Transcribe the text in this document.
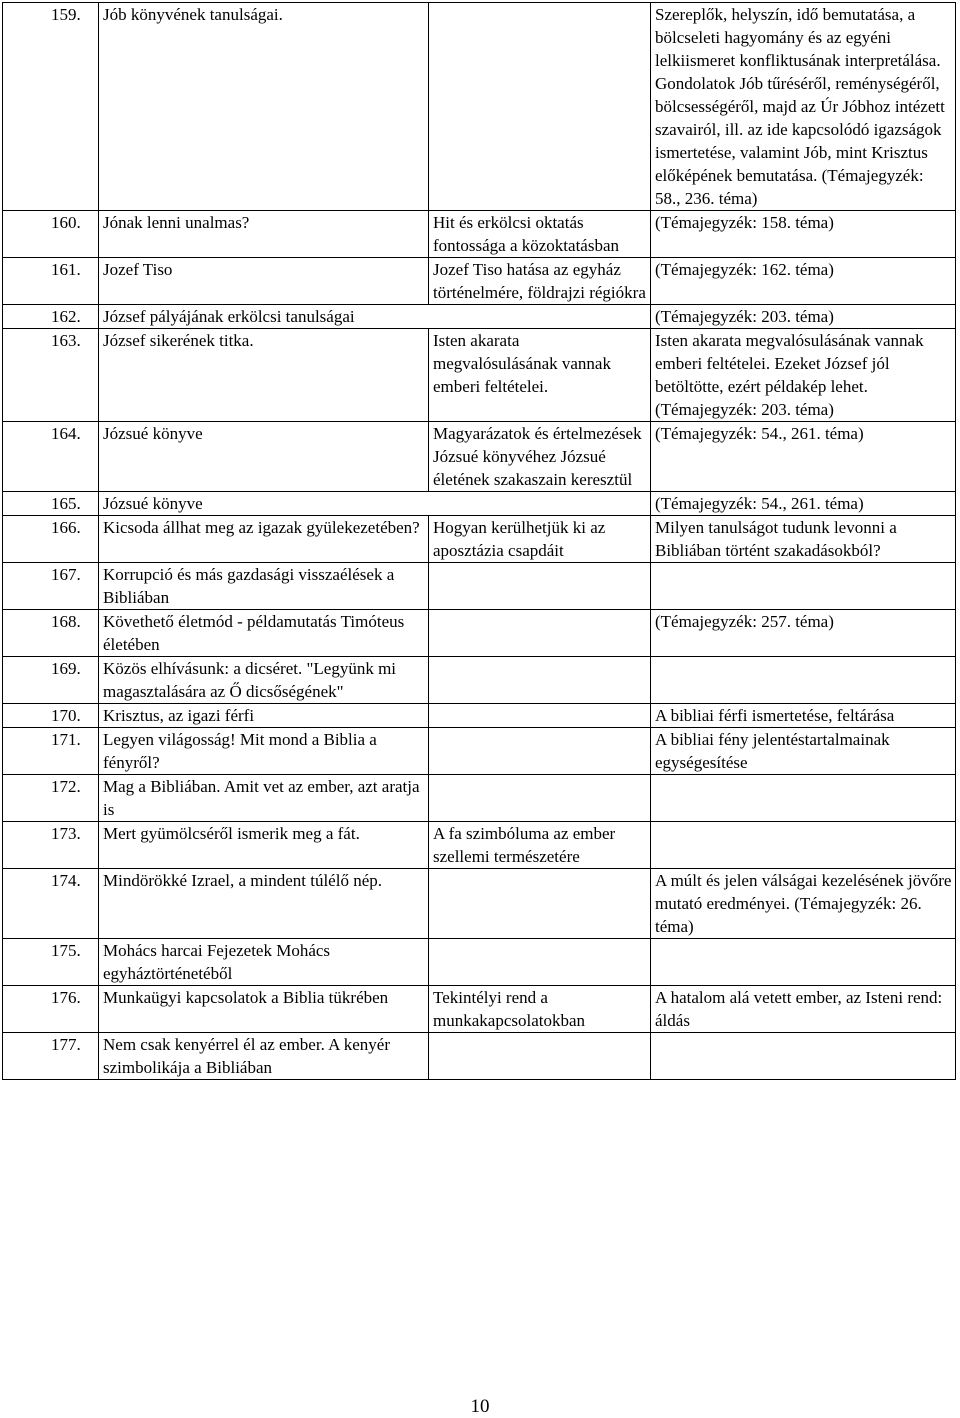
159.	Jób könyvének tanulságai.		Szereplők, helyszín, idő bemutatása, a bölcseleti hagyomány és az egyéni lelkiismeret konfliktusának interpretálása. Gondolatok Jób tűréséről, reménységéről, bölcsességéről, majd az Úr Jóbhoz intézett szavairól, ill. az ide kapcsolódó igazságok ismertetése, valamint Jób, mint Krisztus előképének bemutatása. (Témajegyzék: 58., 236. téma)
160.	Jónak lenni unalmas?	Hit és erkölcsi oktatás fontossága a közoktatásban	(Témajegyzék: 158. téma)
161.	Jozef Tiso	Jozef Tiso hatása az egyház történelmére, földrajzi régiókra	(Témajegyzék: 162. téma)
162.	József pályájának erkölcsi tanulságai		(Témajegyzék: 203. téma)
163.	József sikerének titka.	Isten akarata megvalósulásának vannak emberi feltételei.	Isten akarata megvalósulásának vannak emberi feltételei. Ezeket József jól betöltötte, ezért példakép lehet. (Témajegyzék: 203. téma)
164.	Józsué könyve	Magyarázatok és értelmezések Józsué könyvéhez Józsué életének szakaszain keresztül	(Témajegyzék: 54., 261. téma)
165.	Józsué könyve		(Témajegyzék: 54., 261. téma)
166.	Kicsoda állhat meg az igazak gyülekezetében?	Hogyan kerülhetjük ki az aposztázia csapdáit	Milyen tanulságot tudunk levonni a Bibliában történt szakadásokból?
167.	Korrupció és más gazdasági visszaélések a Bibliában		
168.	Követhető életmód - példamutatás Timóteus életében		(Témajegyzék: 257. téma)
169.	Közös elhívásunk: a dicséret. "Legyünk mi magasztalására az Ő dicsőségének"		
170.	Krisztus, az igazi férfi		A bibliai férfi ismertetése, feltárása
171.	Legyen világosság! Mit mond a Biblia a fényről?		A bibliai fény jelentéstartalmainak egységesítése
172.	Mag a Bibliában. Amit vet az ember, azt aratja is		
173.	Mert gyümölcséről ismerik meg a fát.	A fa szimbóluma az ember szellemi természetére	
174.	Mindörökké Izrael, a mindent túlélő nép.		A múlt és jelen válságai kezelésének jövőre mutató eredményei. (Témajegyzék: 26. téma)
175.	Mohács harcai Fejezetek Mohács egyháztörténetéből		
176.	Munkaügyi kapcsolatok a Biblia tükrében	Tekintélyi rend a munkakapcsolatokban	A hatalom alá vetett ember, az Isteni rend: áldás
177.	Nem csak kenyérrel él az ember. A kenyér szimbolikája a Bibliában		
10
